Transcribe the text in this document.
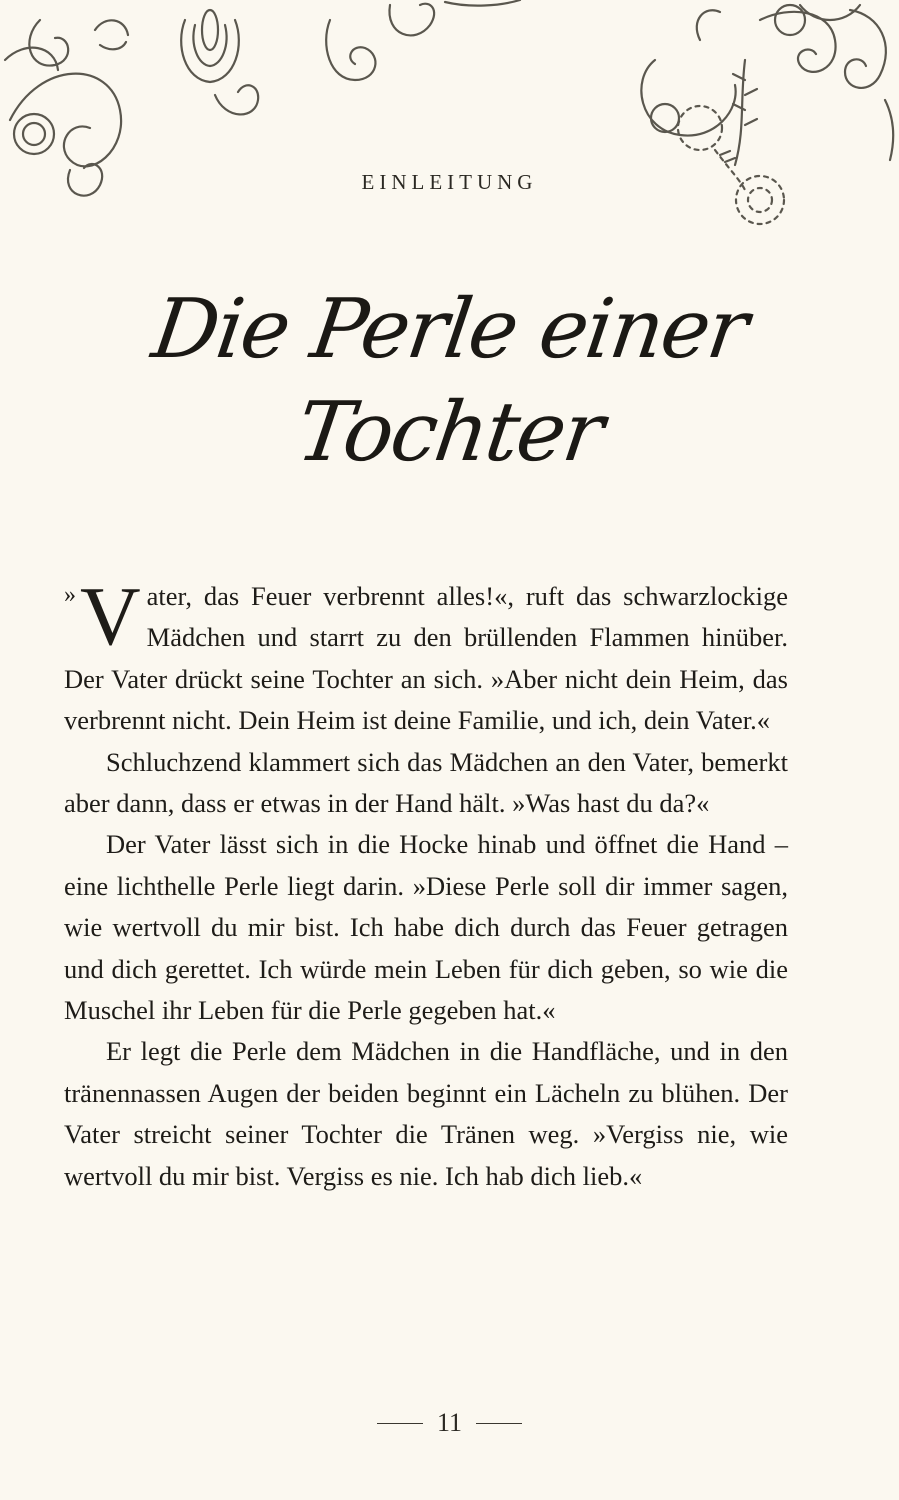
EINLEITUNG
Die Perle einer
Tochter

» V ater, das Feuer verbrennt alles!«, ruft das schwarzlockige Mädchen und starrt zu den brüllenden Flammen hinüber. Der Vater drückt seine Tochter an sich. »Aber nicht dein Heim, das verbrennt nicht. Dein Heim ist deine Familie, und ich, dein Vater.«

Schluchzend klammert sich das Mädchen an den Vater, bemerkt aber dann, dass er etwas in der Hand hält. »Was hast du da?«

Der Vater lässt sich in die Hocke hinab und öffnet die Hand – eine lichthelle Perle liegt darin. »Diese Perle soll dir immer sagen, wie wertvoll du mir bist. Ich habe dich durch das Feuer getragen und dich gerettet. Ich würde mein Leben für dich geben, so wie die Muschel ihr Leben für die Perle gegeben hat.«

Er legt die Perle dem Mädchen in die Handfläche, und in den tränennassen Augen der beiden beginnt ein Lächeln zu blühen. Der Vater streicht seiner Tochter die Tränen weg. »Vergiss nie, wie wertvoll du mir bist. Vergiss es nie. Ich hab dich lieb.«

11
